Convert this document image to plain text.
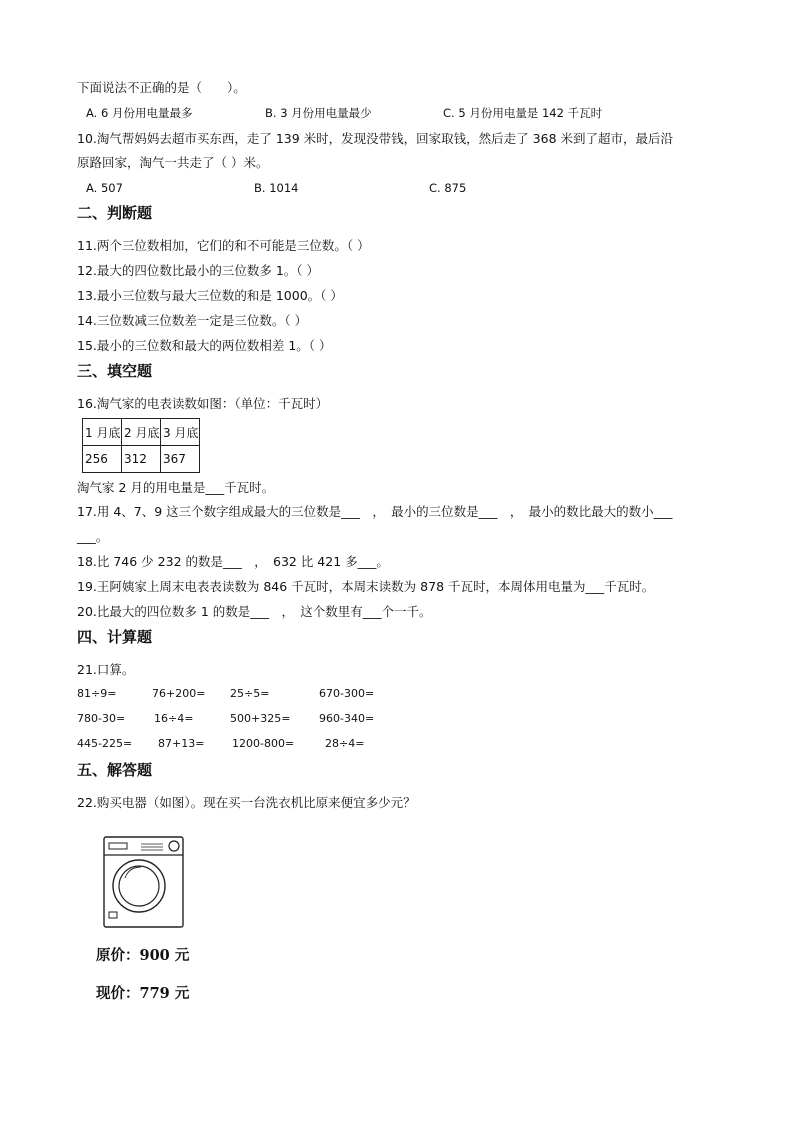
下面说法不正确的是（　　）。
A. 6 月份用电量最多	B. 3 月份用电量最少	C. 5 月份用电量是 142 千瓦时
10.淘气帮妈妈去超市买东西，走了 139 米时，发现没带钱，回家取钱，然后走了 368 米到了超市，最后沿
原路回家，淘气一共走了（ ）米。
A. 507	B. 1014	C. 875
二、判断题
11.两个三位数相加，它们的和不可能是三位数。（ ）
12.最大的四位数比最小的三位数多 1。（ ）
13.最小三位数与最大三位数的和是 1000。（ ）
14.三位数减三位数差一定是三位数。（ ）
15.最小的三位数和最大的两位数相差 1。（ ）
三、填空题
16.淘气家的电表读数如图：（单位：千瓦时）
1 月底	2 月底	3 月底
256	312	367
淘气家 2 月的用电量是___千瓦时。
17.用 4、7、9 这三个数字组成最大的三位数是___　，　最小的三位数是___　，　最小的数比最大的数小___
___。
18.比 746 少 232 的数是___　，　632 比 421 多___。
19.王阿姨家上周末电表表读数为 846 千瓦时，本周末读数为 878 千瓦时，本周体用电量为___千瓦时。
20.比最大的四位数多 1 的数是___　，　这个数里有___个一千。
四、计算题
21.口算。
81÷9=	76+200= 25÷5=	670-300=
780-30=	16÷4=	500+325=	960-340=
445-225= 87+13=	1200-800=	28÷4=
五、解答题
22.购买电器（如图）。现在买一台洗衣机比原来便宜多少元？
原价：900 元
现价：779 元
